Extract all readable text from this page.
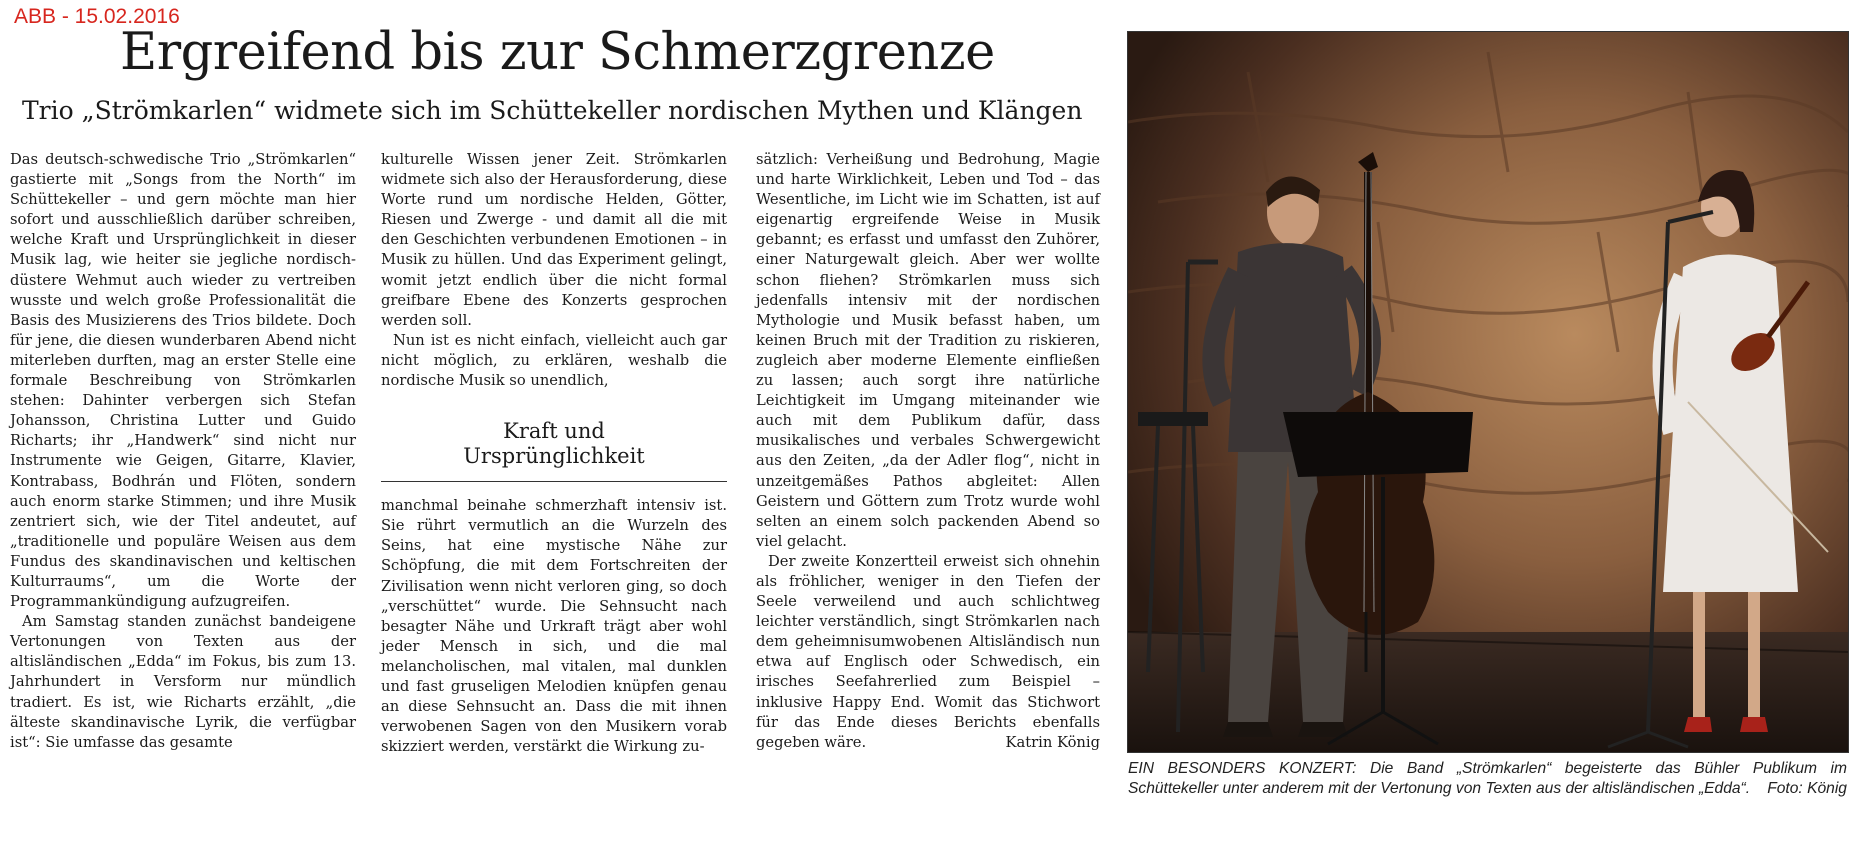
ABB - 15.02.2016
Ergreifend bis zur Schmerzgrenze
Trio „Strömkarlen“ widmete sich im Schüttekeller nordischen Mythen und Klängen

Das deutsch-schwedische Trio „Strömkarlen“ gastierte mit „Songs from the North“ im Schüttekeller – und gern möchte man hier sofort und ausschließlich darüber schreiben, welche Kraft und Ursprünglichkeit in dieser Musik lag, wie heiter sie jegliche nordisch-düstere Wehmut auch wieder zu vertreiben wusste und welch große Professionalität die Basis des Musizierens des Trios bildete. Doch für jene, die diesen wunderbaren Abend nicht miterleben durften, mag an erster Stelle eine formale Beschreibung von Strömkarlen stehen: Dahinter verbergen sich Stefan Johansson, Christina Lutter und Guido Richarts; ihr „Handwerk“ sind nicht nur Instrumente wie Geigen, Gitarre, Klavier, Kontrabass, Bodhrán und Flöten, sondern auch enorm starke Stimmen; und ihre Musik zentriert sich, wie der Titel andeutet, auf „traditionelle und populäre Weisen aus dem Fundus des skandinavischen und keltischen Kulturraums“, um die Worte der Programmankündigung aufzugreifen.

Am Samstag standen zunächst bandeigene Vertonungen von Texten aus der altisländischen „Edda“ im Fokus, bis zum 13. Jahrhundert in Versform nur mündlich tradiert. Es ist, wie Richarts erzählt, „die älteste skandinavische Lyrik, die verfügbar ist“: Sie umfasse das gesamte

kulturelle Wissen jener Zeit. Strömkarlen widmete sich also der Herausforderung, diese Worte rund um nordische Helden, Götter, Riesen und Zwerge - und damit all die mit den Geschichten verbundenen Emotionen – in Musik zu hüllen. Und das Experiment gelingt, womit jetzt endlich über die nicht formal greifbare Ebene des Konzerts gesprochen werden soll.

Nun ist es nicht einfach, vielleicht auch gar nicht möglich, zu erklären, weshalb die nordische Musik so unendlich,

Kraft und
Ursprünglichkeit

manchmal beinahe schmerzhaft intensiv ist. Sie rührt vermutlich an die Wurzeln des Seins, hat eine mystische Nähe zur Schöpfung, die mit dem Fortschreiten der Zivilisation wenn nicht verloren ging, so doch „verschüttet“ wurde. Die Sehnsucht nach besagter Nähe und Urkraft trägt aber wohl jeder Mensch in sich, und die mal melancholischen, mal vitalen, mal dunklen und fast gruseligen Melodien knüpfen genau an diese Sehnsucht an. Dass die mit ihnen verwobenen Sagen von den Musikern vorab skizziert werden, verstärkt die Wirkung zu-

sätzlich: Verheißung und Bedrohung, Magie und harte Wirklichkeit, Leben und Tod – das Wesentliche, im Licht wie im Schatten, ist auf eigenartig ergreifende Weise in Musik gebannt; es erfasst und umfasst den Zuhörer, einer Naturgewalt gleich. Aber wer wollte schon fliehen? Strömkarlen muss sich jedenfalls intensiv mit der nordischen Mythologie und Musik befasst haben, um keinen Bruch mit der Tradition zu riskieren, zugleich aber moderne Elemente einfließen zu lassen; auch sorgt ihre natürliche Leichtigkeit im Umgang miteinander wie auch mit dem Publikum dafür, dass musikalisches und verbales Schwergewicht aus den Zeiten, „da der Adler flog“, nicht in unzeitgemäßes Pathos abgleitet: Allen Geistern und Göttern zum Trotz wurde wohl selten an einem solch packenden Abend so viel gelacht.

Der zweite Konzertteil erweist sich ohnehin als fröhlicher, weniger in den Tiefen der Seele verweilend und auch schlichtweg leichter verständlich, singt Strömkarlen nach dem geheimnisumwobenen Altisländisch nun etwa auf Englisch oder Schwedisch, ein irisches Seefahrerlied zum Beispiel – inklusive Happy End. Womit das Stichwort für das Ende dieses Berichts ebenfalls gegeben wäre.	Katrin König

EIN BESONDERS KONZERT: Die Band „Strömkarlen“ begeisterte das Bühler Publikum im Schüttekeller unter anderem mit der Vertonung von Texten aus der altisländischen „Edda“. Foto: König
